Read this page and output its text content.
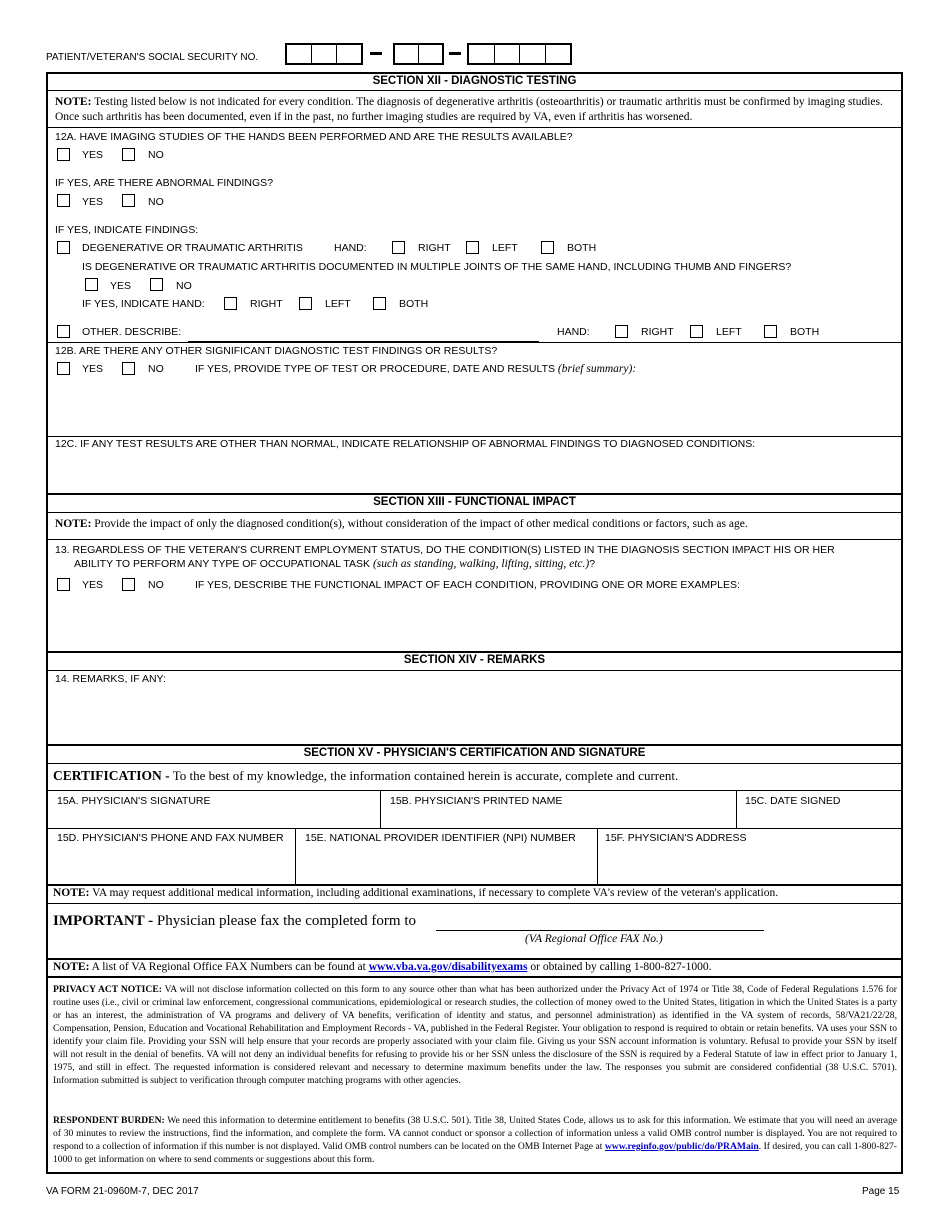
PATIENT/VETERAN'S SOCIAL SECURITY NO.
SECTION XII - DIAGNOSTIC TESTING
NOTE: Testing listed below is not indicated for every condition. The diagnosis of degenerative arthritis (osteoarthritis) or traumatic arthritis must be confirmed by imaging studies. Once such arthritis has been documented, even if in the past, no further imaging studies are required by VA, even if arthritis has worsened.
12A. HAVE IMAGING STUDIES OF THE HANDS BEEN PERFORMED AND ARE THE RESULTS AVAILABLE?
YES	NO
IF YES, ARE THERE ABNORMAL FINDINGS?
YES	NO
IF YES, INDICATE FINDINGS:
DEGENERATIVE OR TRAUMATIC ARTHRITIS	HAND:	RIGHT	LEFT	BOTH
IS DEGENERATIVE OR TRAUMATIC ARTHRITIS DOCUMENTED IN MULTIPLE JOINTS OF THE SAME HAND, INCLUDING THUMB AND FINGERS?
YES	NO
IF YES, INDICATE HAND:	RIGHT	LEFT	BOTH
OTHER. DESCRIBE:	HAND:	RIGHT	LEFT	BOTH
12B. ARE THERE ANY OTHER SIGNIFICANT DIAGNOSTIC TEST FINDINGS OR RESULTS?
YES	NO	IF YES, PROVIDE TYPE OF TEST OR PROCEDURE, DATE AND RESULTS (brief summary):
12C. IF ANY TEST RESULTS ARE OTHER THAN NORMAL, INDICATE RELATIONSHIP OF ABNORMAL FINDINGS TO DIAGNOSED CONDITIONS:
SECTION XIII - FUNCTIONAL IMPACT
NOTE: Provide the impact of only the diagnosed condition(s), without consideration of the impact of other medical conditions or factors, such as age.
13. REGARDLESS OF THE VETERAN'S CURRENT EMPLOYMENT STATUS, DO THE CONDITION(S) LISTED IN THE DIAGNOSIS SECTION IMPACT HIS OR HER
ABILITY TO PERFORM ANY TYPE OF OCCUPATIONAL TASK (such as standing, walking, lifting, sitting, etc.)?
YES	NO	IF YES, DESCRIBE THE FUNCTIONAL IMPACT OF EACH CONDITION, PROVIDING ONE OR MORE EXAMPLES:
SECTION XIV - REMARKS
14. REMARKS, IF ANY:
SECTION XV - PHYSICIAN'S CERTIFICATION AND SIGNATURE
CERTIFICATION - To the best of my knowledge, the information contained herein is accurate, complete and current.
15A. PHYSICIAN'S SIGNATURE	15B. PHYSICIAN'S PRINTED NAME	15C. DATE SIGNED
15D. PHYSICIAN'S PHONE AND FAX NUMBER 15E. NATIONAL PROVIDER IDENTIFIER (NPI) NUMBER	15F. PHYSICIAN'S ADDRESS
NOTE: VA may request additional medical information, including additional examinations, if necessary to complete VA's review of the veteran's application.
IMPORTANT - Physician please fax the completed form to
(VA Regional Office FAX No.)
NOTE: A list of VA Regional Office FAX Numbers can be found at www.vba.va.gov/disabilityexams or obtained by calling 1-800-827-1000.
PRIVACY ACT NOTICE: VA will not disclose information collected on this form to any source other than what has been authorized under the Privacy Act of 1974 or Title 38, Code of Federal Regulations 1.576 for routine uses (i.e., civil or criminal law enforcement, congressional communications, epidemiological or research studies, the collection of money owed to the United States, litigation in which the United States is a party or has an interest, the administration of VA programs and delivery of VA benefits, verification of identity and status, and personnel administration) as identified in the VA system of records, 58/VA21/22/28, Compensation, Pension, Education and Vocational Rehabilitation and Employment Records - VA, published in the Federal Register. Your obligation to respond is required to obtain or retain benefits. VA uses your SSN to identify your claim file. Providing your SSN will help ensure that your records are properly associated with your claim file. Giving us your SSN account information is voluntary. Refusal to provide your SSN by itself will not result in the denial of benefits. VA will not deny an individual benefits for refusing to provide his or her SSN unless the disclosure of the SSN is required by a Federal Statute of law in effect prior to January 1, 1975, and still in effect. The requested information is considered relevant and necessary to determine maximum benefits under the law. The responses you submit are considered confidential (38 U.S.C. 5701). Information submitted is subject to verification through computer matching programs with other agencies.
RESPONDENT BURDEN: We need this information to determine entitlement to benefits (38 U.S.C. 501). Title 38, United States Code, allows us to ask for this information. We estimate that you will need an average of 30 minutes to review the instructions, find the information, and complete the form. VA cannot conduct or sponsor a collection of information unless a valid OMB control number is displayed. You are not required to respond to a collection of information if this number is not displayed. Valid OMB control numbers can be located on the OMB Internet Page at www.reginfo.gov/public/do/PRAMain. If desired, you can call 1-800-827-1000 to get information on where to send comments or suggestions about this form.
VA FORM 21-0960M-7, DEC 2017	Page 15
